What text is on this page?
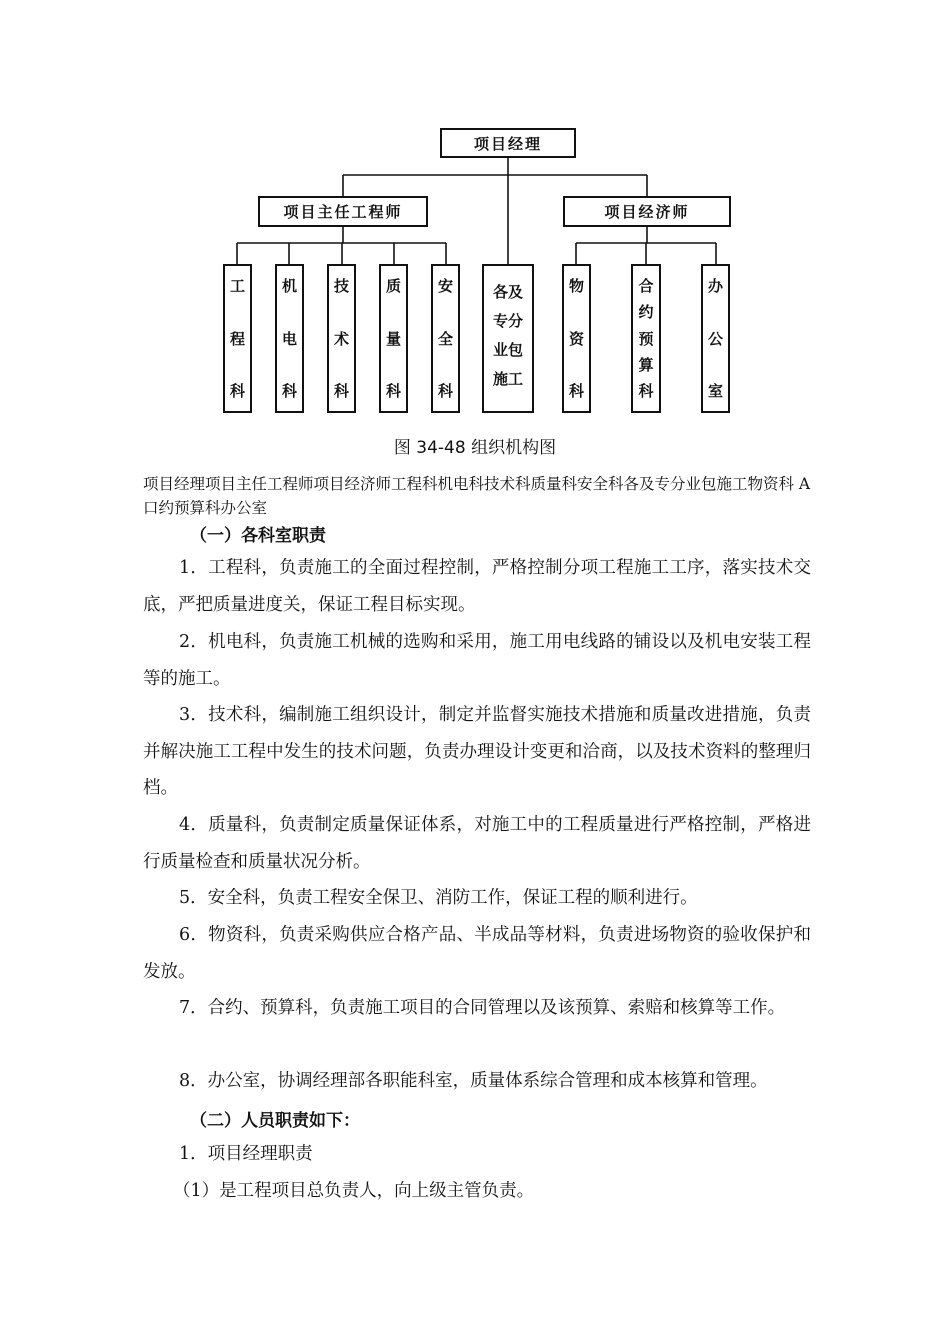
项目经理
项目主任工程师	项目经济师
工
程
科
机
电
科
技
术
科
质
量
科
安
全
科
各及专分业包施工
物
资
科
合
约
预
算
科
办
公
室
图 34-48 组织机构图
项目经理项目主任工程师项目经济师工程科机电科技术科质量科安全科各及专分业包施工物资科 A 口约预算科办公室
（一）各科室职责
1．工程科，负责施工的全面过程控制，严格控制分项工程施工工序，落实技术交底，严把质量进度关，保证工程目标实现。
2．机电科，负责施工机械的选购和采用，施工用电线路的铺设以及机电安装工程等的施工。
3．技术科，编制施工组织设计，制定并监督实施技术措施和质量改进措施，负责并解决施工工程中发生的技术问题，负责办理设计变更和洽商，以及技术资料的整理归档。
4．质量科，负责制定质量保证体系，对施工中的工程质量进行严格控制，严格进行质量检查和质量状况分析。
5．安全科，负责工程安全保卫、消防工作，保证工程的顺利进行。
6．物资科，负责采购供应合格产品、半成品等材料，负责进场物资的验收保护和发放。
7．合约、预算科，负责施工项目的合同管理以及该预算、索赔和核算等工作。
8．办公室，协调经理部各职能科室，质量体系综合管理和成本核算和管理。
（二）人员职责如下：
1．项目经理职责
（1）是工程项目总负责人，向上级主管负责。
